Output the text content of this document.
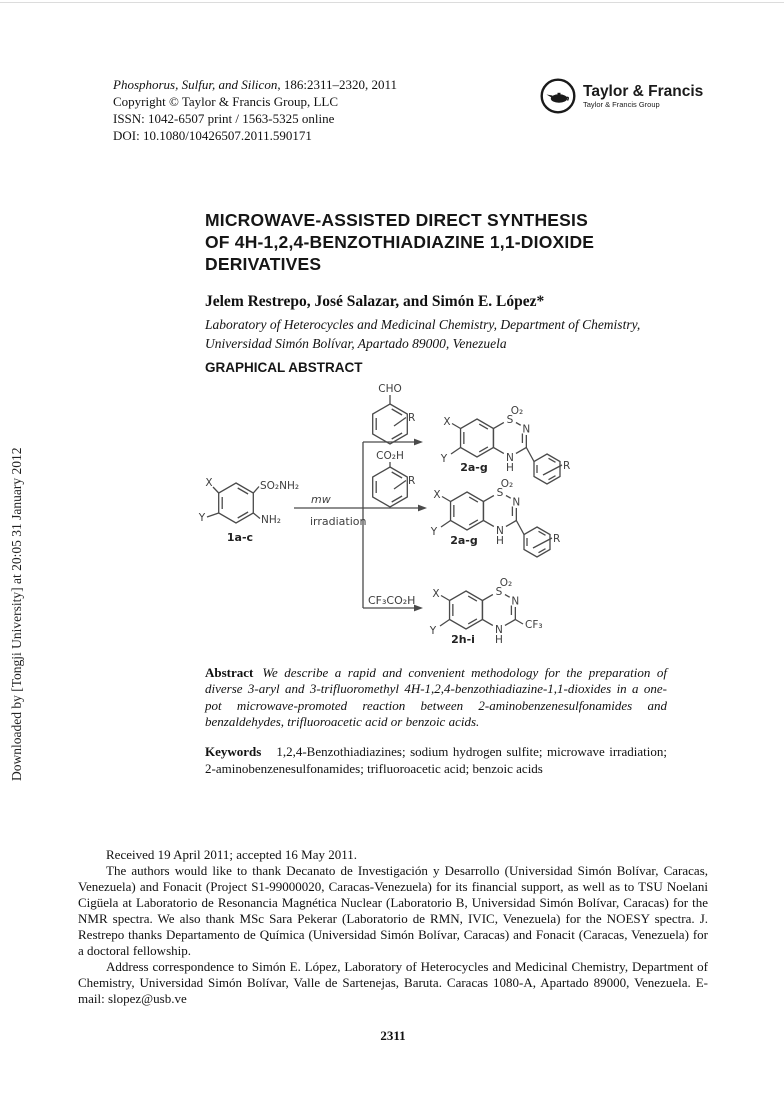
Phosphorus, Sulfur, and Silicon, 186:2311–2320, 2011
Copyright © Taylor & Francis Group, LLC
ISSN: 1042-6507 print / 1563-5325 online
DOI: 10.1080/10426507.2011.590171
Taylor & Francis
Taylor & Francis Group
Downloaded by [Tongji University] at 20:05 31 January 2012
MICROWAVE-ASSISTED DIRECT SYNTHESIS
OF 4H-1,2,4-BENZOTHIADIAZINE 1,1-DIOXIDE
DERIVATIVES
Jelem Restrepo, José Salazar, and Simón E. López*
Laboratory of Heterocycles and Medicinal Chemistry, Department of Chemistry,
Universidad Simón Bolívar, Apartado 89000, Venezuela
GRAPHICAL ABSTRACT
SO₂NH₂
NH₂
X
Y
1a-c
mw
irradiation
CF₃CO₂H
CHO
R
CO₂H
R
O₂
S
N
N
H
X
Y
R
2a-g
O₂
S
N
N
H
X
Y
R
2a-g
O₂
S
N
N
H
X
Y	CF₃
2h-i

Abstract We describe a rapid and convenient methodology for the preparation of diverse 3-aryl and 3-trifluoromethyl 4H-1,2,4-benzothiadiazine-1,1-dioxides in a one-pot microwave-promoted reaction between 2-aminobenzenesulfonamides and benzaldehydes, trifluoroacetic acid or benzoic acids.

Keywords 1,2,4-Benzothiadiazines; sodium hydrogen sulfite; microwave irradiation; 2-aminobenzenesulfonamides; trifluoroacetic acid; benzoic acids

Received 19 April 2011; accepted 16 May 2011.

The authors would like to thank Decanato de Investigación y Desarrollo (Universidad Simón Bolívar, Caracas, Venezuela) and Fonacit (Project S1-99000020, Caracas-Venezuela) for its financial support, as well as to TSU Noelani Cigüela at Laboratorio de Resonancia Magnética Nuclear (Laboratorio B, Universidad Simón Bolívar, Caracas) for the NMR spectra. We also thank MSc Sara Pekerar (Laboratorio de RMN, IVIC, Venezuela) for the NOESY spectra. J. Restrepo thanks Departamento de Química (Universidad Simón Bolívar, Caracas) and Fonacit (Caracas, Venezuela) for a doctoral fellowship.

Address correspondence to Simón E. López, Laboratory of Heterocycles and Medicinal Chemistry, Department of Chemistry, Universidad Simón Bolívar, Valle de Sartenejas, Baruta. Caracas 1080-A, Apartado 89000, Venezuela. E-mail: slopez@usb.ve

2311
